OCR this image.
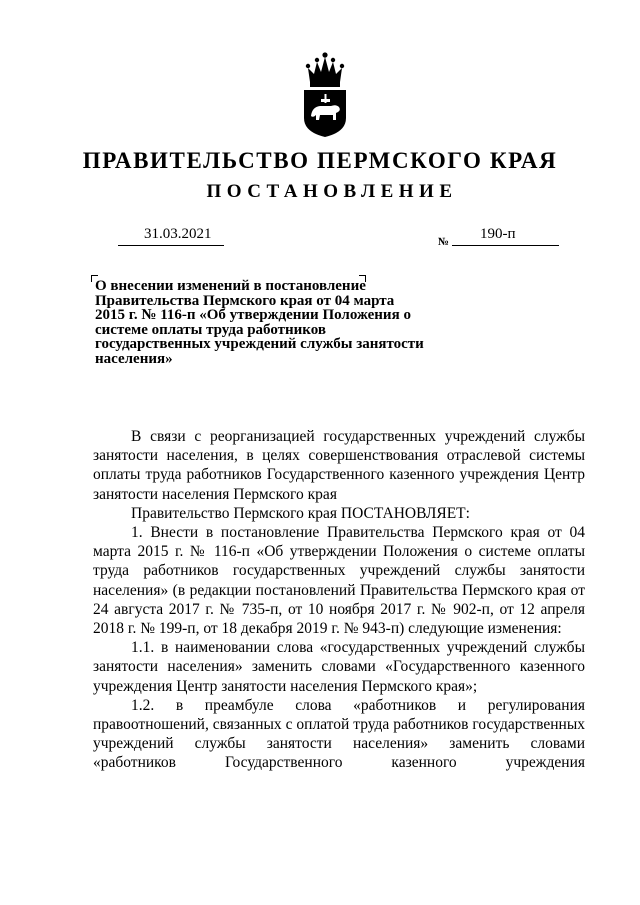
ПРАВИТЕЛЬСТВО ПЕРМСКОГО КРАЯ
ПОСТАНОВЛЕНИЕ
31.03.2021	№ 190-п
О внесении изменений в постановление Правительства Пермского края от 04 марта 2015 г. № 116-п «Об утверждении Положения о системе оплаты труда работников государственных учреждений службы занятости населения»

В связи с реорганизацией государственных учреждений службы занятости населения, в целях совершенствования отраслевой системы оплаты труда работников Государственного казенного учреждения Центр занятости населения Пермского края

Правительство Пермского края ПОСТАНОВЛЯЕТ:

1. Внести в постановление Правительства Пермского края от 04 марта 2015 г. № 116-п «Об утверждении Положения о системе оплаты труда работников государственных учреждений службы занятости населения» (в редакции постановлений Правительства Пермского края от 24 августа 2017 г. № 735-п, от 10 ноября 2017 г. № 902-п, от 12 апреля 2018 г. № 199-п, от 18 декабря 2019 г. № 943-п) следующие изменения:

1.1. в наименовании слова «государственных учреждений службы занятости населения» заменить словами «Государственного казенного учреждения Центр занятости населения Пермского края»;

1.2. в преамбуле слова «работников и регулирования правоотношений, связанных с оплатой труда работников государственных учреждений службы занятости населения» заменить словами «работников Государственного казенного учреждения
